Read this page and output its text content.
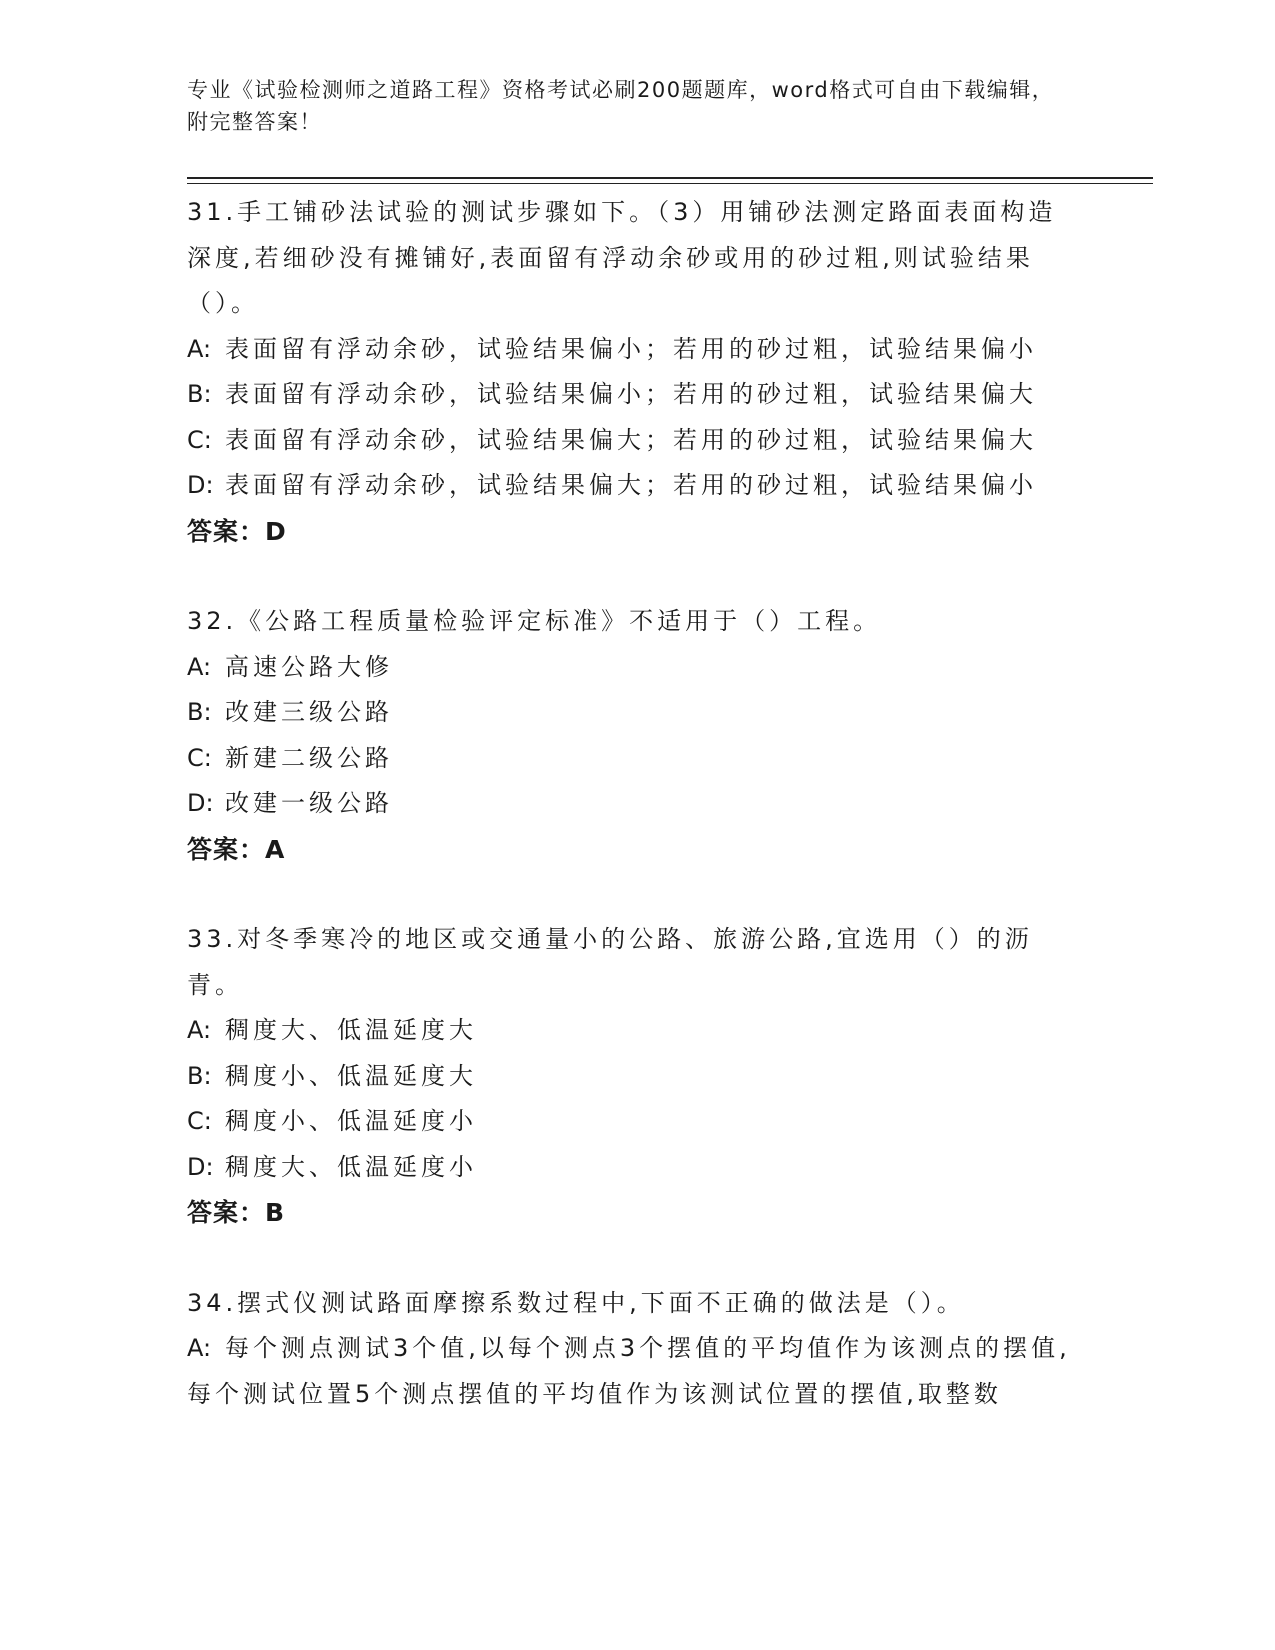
专业《试验检测师之道路工程》资格考试必刷200题题库，word格式可自由下载编辑，附完整答案！

31.手工铺砂法试验的测试步骤如下。（3）用铺砂法测定路面表面构造深度,若细砂没有摊铺好,表面留有浮动余砂或用的砂过粗,则试验结果（）。

A: 表面留有浮动余砂，试验结果偏小；若用的砂过粗，试验结果偏小

B: 表面留有浮动余砂，试验结果偏小；若用的砂过粗，试验结果偏大

C: 表面留有浮动余砂，试验结果偏大；若用的砂过粗，试验结果偏大

D: 表面留有浮动余砂，试验结果偏大；若用的砂过粗，试验结果偏小

答案：D

32.《公路工程质量检验评定标准》不适用于（）工程。

A: 高速公路大修

B: 改建三级公路

C: 新建二级公路

D: 改建一级公路

答案：A

33.对冬季寒冷的地区或交通量小的公路、旅游公路,宜选用（）的沥青。

A: 稠度大、低温延度大

B: 稠度小、低温延度大

C: 稠度小、低温延度小

D: 稠度大、低温延度小

答案：B

34.摆式仪测试路面摩擦系数过程中,下面不正确的做法是（）。

A: 每个测点测试3个值,以每个测点3个摆值的平均值作为该测点的摆值,每个测试位置5个测点摆值的平均值作为该测试位置的摆值,取整数
